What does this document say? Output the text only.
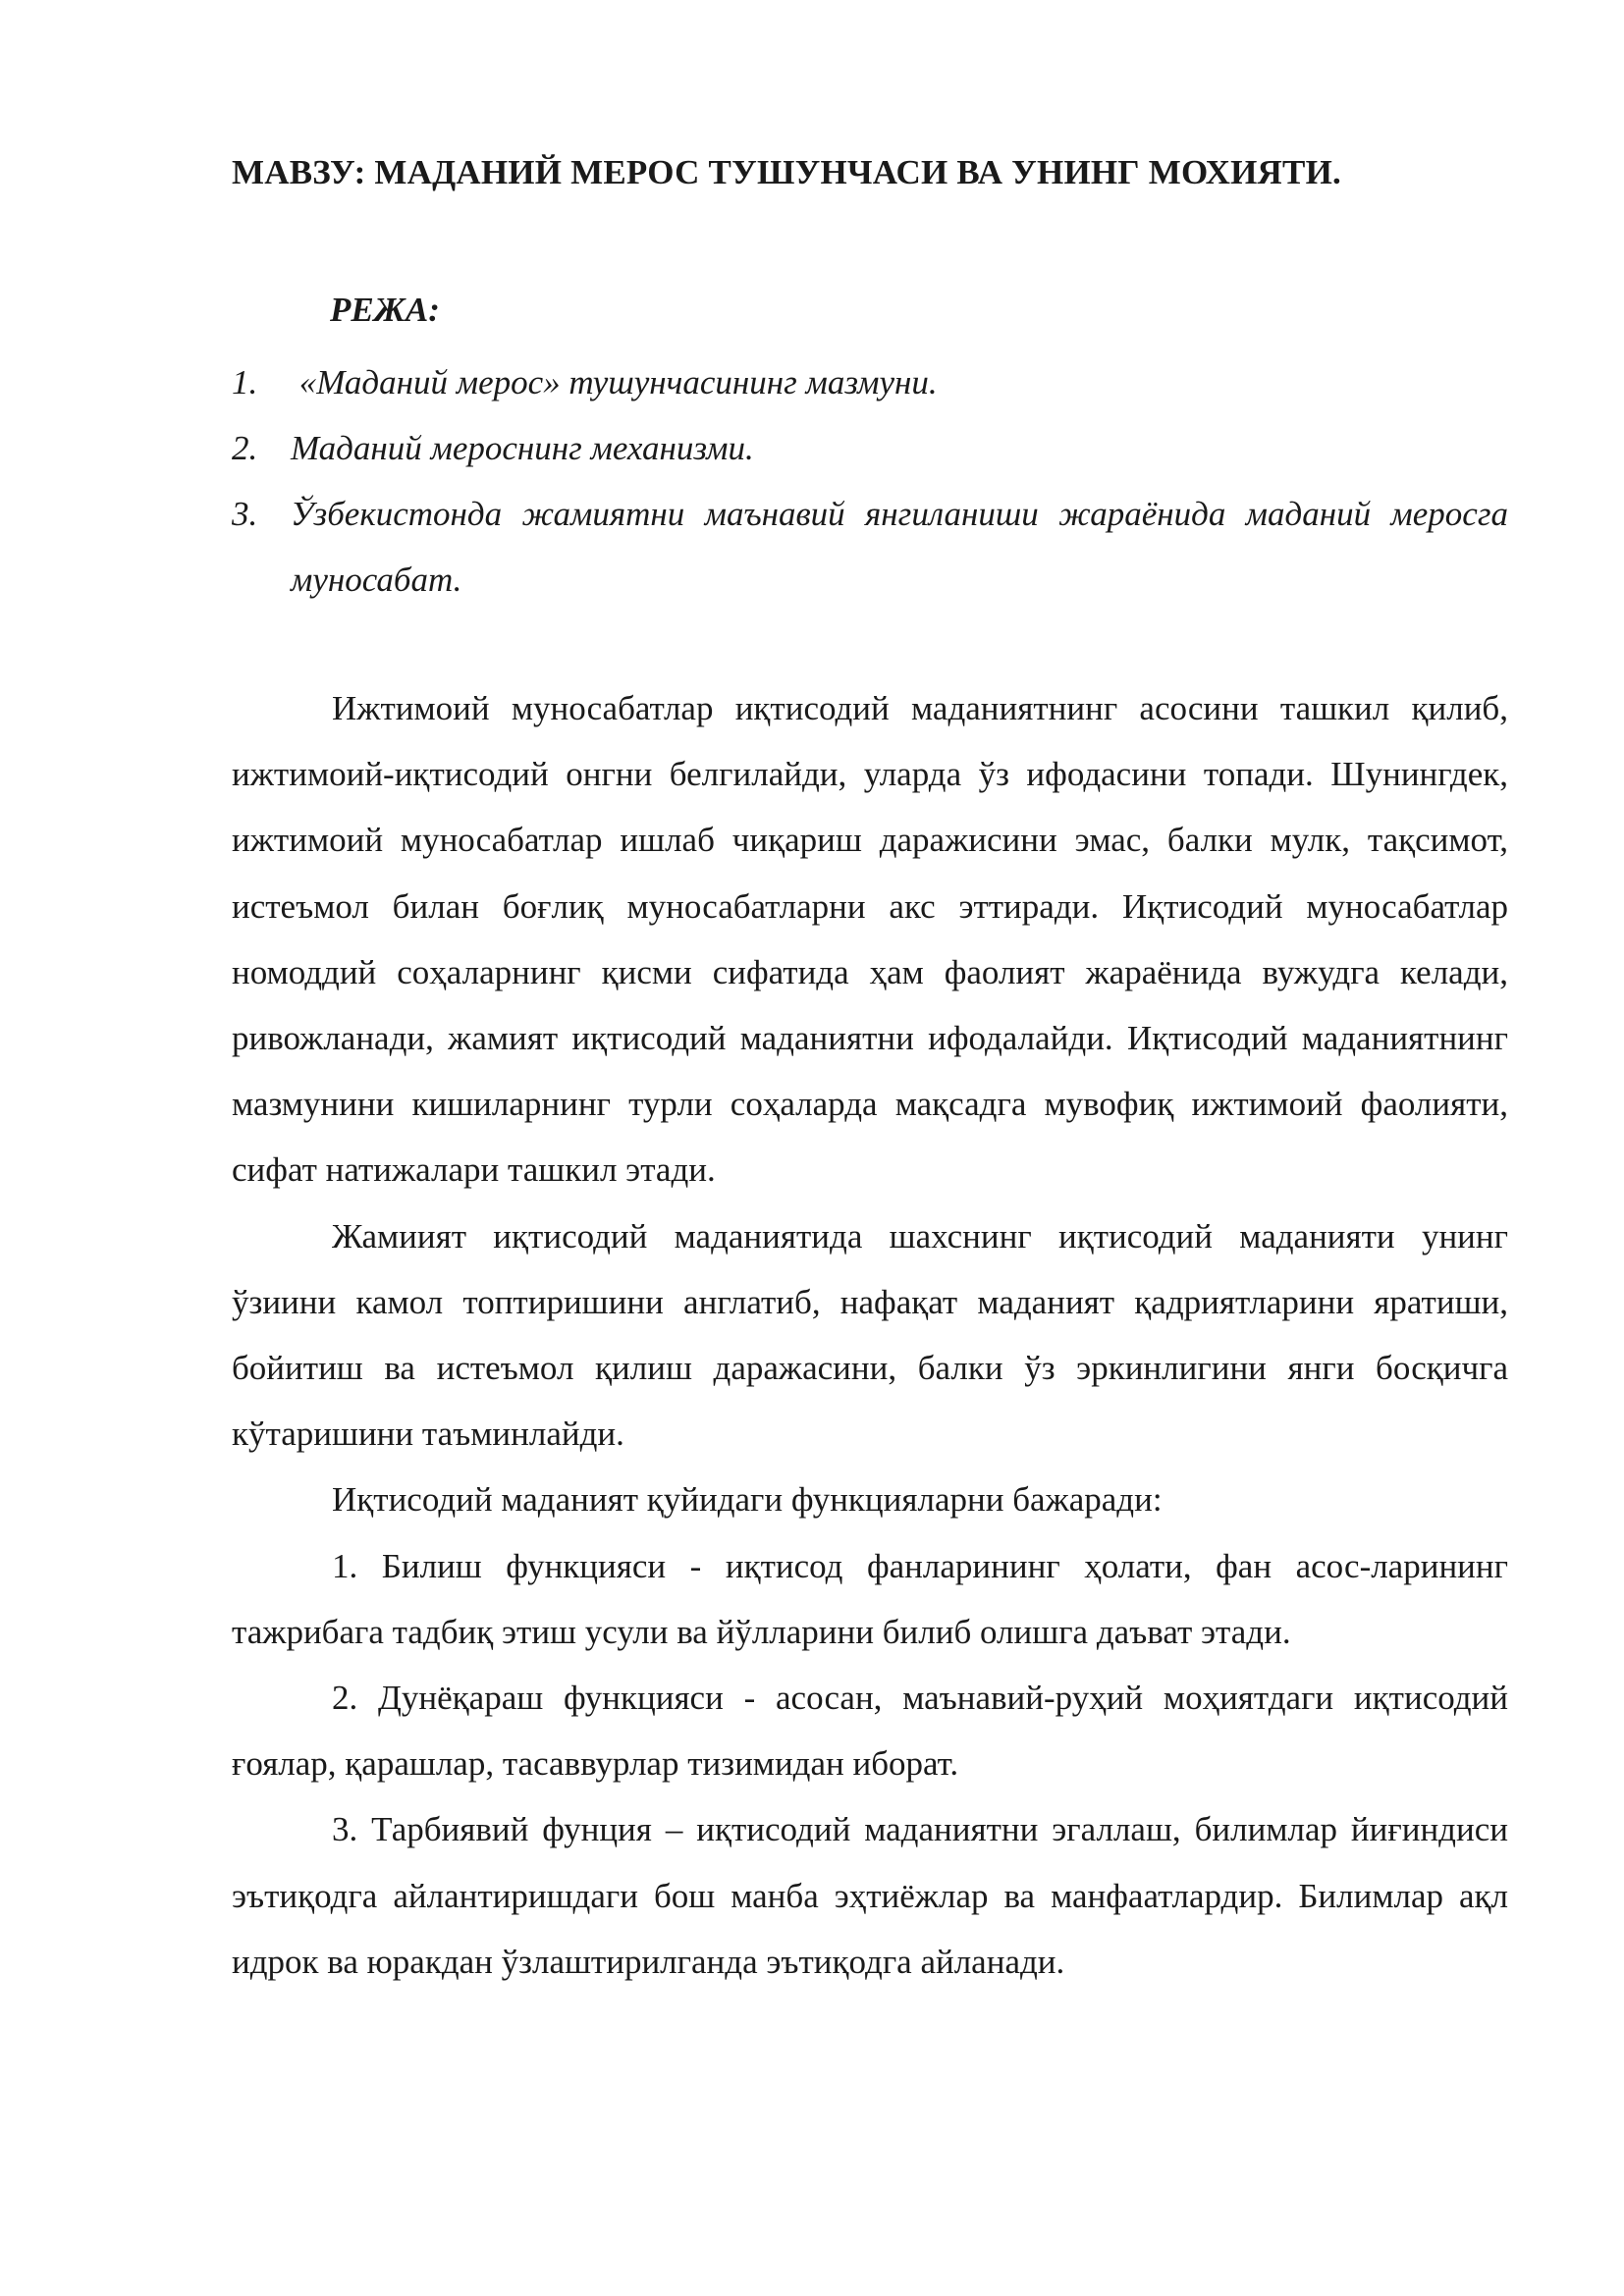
МАВЗУ: МАДАНИЙ МЕРОС ТУШУНЧАСИ ВА УНИНГ МОХИЯТИ.
РЕЖА:
1. «Маданий мерос» тушунчасининг мазмуни.
2. Маданий мероснинг механизми.
3. Ўзбекистонда жамиятни маънавий янгиланиши жараёнида маданий меросга муносабат.

Ижтимоий муносабатлар иқтисодий маданиятнинг асосини ташкил қилиб, ижтимоий-иқтисодий онгни белгилайди, уларда ўз ифодасини топади. Шунингдек, ижтимоий муносабатлар ишлаб чиқариш даражисини эмас, балки мулк, тақсимот, истеъмол билан боғлиқ муносабатларни акс эттиради. Иқтисодий муносабатлар номоддий соҳаларнинг қисми сифатида ҳам фаолият жараёнида вужудга келади, ривожланади, жамият иқтисодий маданиятни ифодалайди. Иқтисодий маданиятнинг мазмунини кишиларнинг турли соҳаларда мақсадга мувофиқ ижтимоий фаолияти, сифат натижалари ташкил этади.

Жамиият иқтисодий маданиятида шахснинг иқтисодий маданияти унинг ўзиини камол топтиришини англатиб, нафақат маданият қадриятларини яратиши, бойитиш ва истеъмол қилиш даражасини, балки ўз эркинлигини янги босқичга кўтаришини таъминлайди.

Иқтисодий маданият қуйидаги функцияларни бажаради:

1. Билиш функцияси - иқтисод фанларининг ҳолати, фан асос-ларининг тажрибага тадбиқ этиш усули ва йўлларини билиб олишга даъват этади.

2. Дунёқараш функцияси - асосан, маънавий-руҳий моҳиятдаги иқтисодий ғоялар, қарашлар, тасаввурлар тизимидан иборат.

3. Тарбиявий фунция – иқтисодий маданиятни эгаллаш, билимлар йиғиндиси эътиқодга айлантиришдаги бош манба эҳтиёжлар ва манфаатлардир. Билимлар ақл идрок ва юракдан ўзлаштирилганда эътиқодга айланади.
